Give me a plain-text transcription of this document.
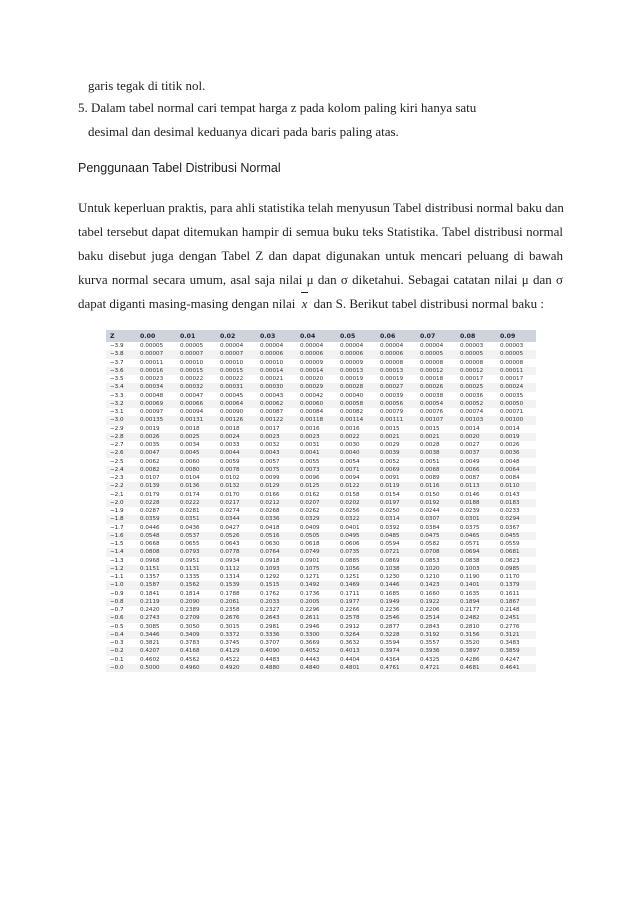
garis tegak di titik nol.
5. Dalam tabel normal cari tempat harga z pada kolom paling kiri hanya satu
desimal dan desimal keduanya dicari pada baris paling atas.
Penggunaan Tabel Distribusi Normal
Untuk keperluan praktis, para ahli statistika telah menyusun Tabel distribusi normal baku dan
tabel tersebut dapat ditemukan hampir di semua buku teks Statistika. Tabel distribusi normal
baku disebut juga dengan Tabel Z dan dapat digunakan untuk mencari peluang di bawah
kurva normal secara umum, asal saja nilai μ dan σ diketahui. Sebagai catatan nilai μ dan σ
dapat diganti masing-masing dengan nilai x dan S. Berikut tabel distribusi normal baku :
Z	0.00	0.01	0.02	0.03	0.04	0.05	0.06	0.07	0.08	0.09
−3.9	0.00005	0.00005	0.00004	0.00004	0.00004	0.00004	0.00004	0.00004	0.00003	0.00003
−3.8	0.00007	0.00007	0.00007	0.00006	0.00006	0.00006	0.00006	0.00005	0.00005	0.00005
−3.7	0.00011	0.00010	0.00010	0.00010	0.00009	0.00009	0.00008	0.00008	0.00008	0.00008
−3.6	0.00016	0.00015	0.00015	0.00014	0.00014	0.00013	0.00013	0.00012	0.00012	0.00011
−3.5	0.00023	0.00022	0.00022	0.00021	0.00020	0.00019	0.00019	0.00018	0.00017	0.00017
−3.4	0.00034	0.00032	0.00031	0.00030	0.00029	0.00028	0.00027	0.00026	0.00025	0.00024
−3.3	0.00048	0.00047	0.00045	0.00043	0.00042	0.00040	0.00039	0.00038	0.00036	0.00035
−3.2	0.00069	0.00066	0.00064	0.00062	0.00060	0.00058	0.00056	0.00054	0.00052	0.00050
−3.1	0.00097	0.00094	0.00090	0.00087	0.00084	0.00082	0.00079	0.00076	0.00074	0.00071
−3.0	0.00135	0.00131	0.00126	0.00122	0.00118	0.00114	0.00111	0.00107	0.00103	0.00100
−2.9	0.0019	0.0018	0.0018	0.0017	0.0016	0.0016	0.0015	0.0015	0.0014	0.0014
−2.8	0.0026	0.0025	0.0024	0.0023	0.0023	0.0022	0.0021	0.0021	0.0020	0.0019
−2.7	0.0035	0.0034	0.0033	0.0032	0.0031	0.0030	0.0029	0.0028	0.0027	0.0026
−2.6	0.0047	0.0045	0.0044	0.0043	0.0041	0.0040	0.0039	0.0038	0.0037	0.0036
−2.5	0.0062	0.0060	0.0059	0.0057	0.0055	0.0054	0.0052	0.0051	0.0049	0.0048
−2.4	0.0082	0.0080	0.0078	0.0075	0.0073	0.0071	0.0069	0.0068	0.0066	0.0064
−2.3	0.0107	0.0104	0.0102	0.0099	0.0096	0.0094	0.0091	0.0089	0.0087	0.0084
−2.2	0.0139	0.0136	0.0132	0.0129	0.0125	0.0122	0.0119	0.0116	0.0113	0.0110
−2.1	0.0179	0.0174	0.0170	0.0166	0.0162	0.0158	0.0154	0.0150	0.0146	0.0143
−2.0	0.0228	0.0222	0.0217	0.0212	0.0207	0.0202	0.0197	0.0192	0.0188	0.0183
−1.9	0.0287	0.0281	0.0274	0.0268	0.0262	0.0256	0.0250	0.0244	0.0239	0.0233
−1.8	0.0359	0.0351	0.0344	0.0336	0.0329	0.0322	0.0314	0.0307	0.0301	0.0294
−1.7	0.0446	0.0436	0.0427	0.0418	0.0409	0.0401	0.0392	0.0384	0.0375	0.0367
−1.6	0.0548	0.0537	0.0526	0.0516	0.0505	0.0495	0.0485	0.0475	0.0465	0.0455
−1.5	0.0668	0.0655	0.0643	0.0630	0.0618	0.0606	0.0594	0.0582	0.0571	0.0559
−1.4	0.0808	0.0793	0.0778	0.0764	0.0749	0.0735	0.0721	0.0708	0.0694	0.0681
−1.3	0.0968	0.0951	0.0934	0.0918	0.0901	0.0885	0.0869	0.0853	0.0838	0.0823
−1.2	0.1151	0.1131	0.1112	0.1093	0.1075	0.1056	0.1038	0.1020	0.1003	0.0985
−1.1	0.1357	0.1335	0.1314	0.1292	0.1271	0.1251	0.1230	0.1210	0.1190	0.1170
−1.0	0.1587	0.1562	0.1539	0.1515	0.1492	0.1469	0.1446	0.1423	0.1401	0.1379
−0.9	0.1841	0.1814	0.1788	0.1762	0.1736	0.1711	0.1685	0.1660	0.1635	0.1611
−0.8	0.2119	0.2090	0.2061	0.2033	0.2005	0.1977	0.1949	0.1922	0.1894	0.1867
−0.7	0.2420	0.2389	0.2358	0.2327	0.2296	0.2266	0.2236	0.2206	0.2177	0.2148
−0.6	0.2743	0.2709	0.2676	0.2643	0.2611	0.2578	0.2546	0.2514	0.2482	0.2451
−0.5	0.3085	0.3050	0.3015	0.2981	0.2946	0.2912	0.2877	0.2843	0.2810	0.2776
−0.4	0.3446	0.3409	0.3372	0.3336	0.3300	0.3264	0.3228	0.3192	0.3156	0.3121
−0.3	0.3821	0.3783	0.3745	0.3707	0.3669	0.3632	0.3594	0.3557	0.3520	0.3483
−0.2	0.4207	0.4168	0.4129	0.4090	0.4052	0.4013	0.3974	0.3936	0.3897	0.3859
−0.1	0.4602	0.4562	0.4522	0.4483	0.4443	0.4404	0.4364	0.4325	0.4286	0.4247
−0.0	0.5000	0.4960	0.4920	0.4880	0.4840	0.4801	0.4761	0.4721	0.4681	0.4641
